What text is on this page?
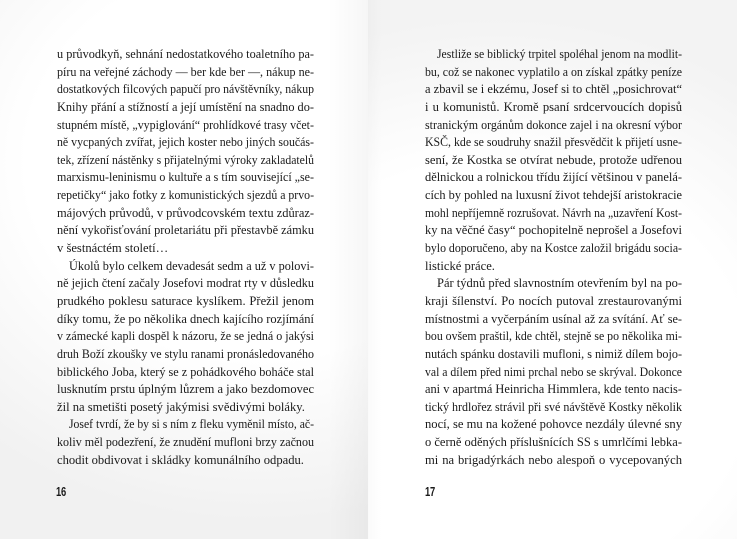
u průvodkyň, sehnání nedostatkového toaletního pa-
píru na veřejné záchody — ber kde ber —, nákup ne-
dostatkových filcových papučí pro návštěvníky, nákup
Knihy přání a stížností a její umístění na snadno do-
stupném místě, „vypiglování“ prohlídkové trasy včet-
ně vycpaných zvířat, jejich koster nebo jiných součás-
tek, zřízení nástěnky s přijatelnými výroky zakladatelů
marxismu-leninismu o kultuře a s tím související „se-
repetičky“ jako fotky z komunistických sjezdů a prvo-
májových průvodů, v průvodcovském textu zdůraz-
nění vykořisťování proletariátu při přestavbě zámku
v šestnáctém století…
Úkolů bylo celkem devadesát sedm a už v polovi-
ně jejich čtení začaly Josefovi modrat rty v důsledku
prudkého poklesu saturace kyslíkem. Přežil jenom
díky tomu, že po několika dnech kajícího rozjímání
v zámecké kapli dospěl k názoru, že se jedná o jakýsi
druh Boží zkoušky ve stylu ranami pronásledovaného
biblického Joba, který se z pohádkového boháče stal
lusknutím prstu úplným lůzrem a jako bezdomovec
žil na smetišti posetý jakýmisi svědivými boláky.
Josef tvrdí, že by si s ním z fleku vyměnil místo, ač-
koliv měl podezření, že znudění mufloni brzy začnou
chodit obdivovat i skládky komunálního odpadu.
16
Jestliže se biblický trpitel spoléhal jenom na modlit-
bu, což se nakonec vyplatilo a on získal zpátky peníze
a zbavil se i ekzému, Josef si to chtěl „posichrovat“
i u komunistů. Kromě psaní srdcervoucích dopisů
stranickým orgánům dokonce zajel i na okresní výbor
KSČ, kde se soudruhy snažil přesvědčit k přijetí usne-
sení, že Kostka se otvírat nebude, protože udřenou
dělnickou a rolnickou třídu žijící většinou v panelá-
cích by pohled na luxusní život tehdejší aristokracie
mohl nepříjemně rozrušovat. Návrh na „uzavření Kost-
ky na věčné časy“ pochopitelně neprošel a Josefovi
bylo doporučeno, aby na Kostce založil brigádu socia-
listické práce.
Pár týdnů před slavnostním otevřením byl na po-
kraji šílenství. Po nocích putoval zrestaurovanými
místnostmi a vyčerpáním usínal až za svítání. Ať se-
bou ovšem praštil, kde chtěl, stejně se po několika mi-
nutách spánku dostavili mufloni, s nimiž dílem bojo-
val a dílem před nimi prchal nebo se skrýval. Dokonce
ani v apartmá Heinricha Himmlera, kde tento nacis-
tický hrdlořez strávil při své návštěvě Kostky několik
nocí, se mu na kožené pohovce nezdály úlevné sny
o černě oděných příslušnících SS s umrlčími lebka-
mi na brigadýrkách nebo alespoň o vycepovaných
17
